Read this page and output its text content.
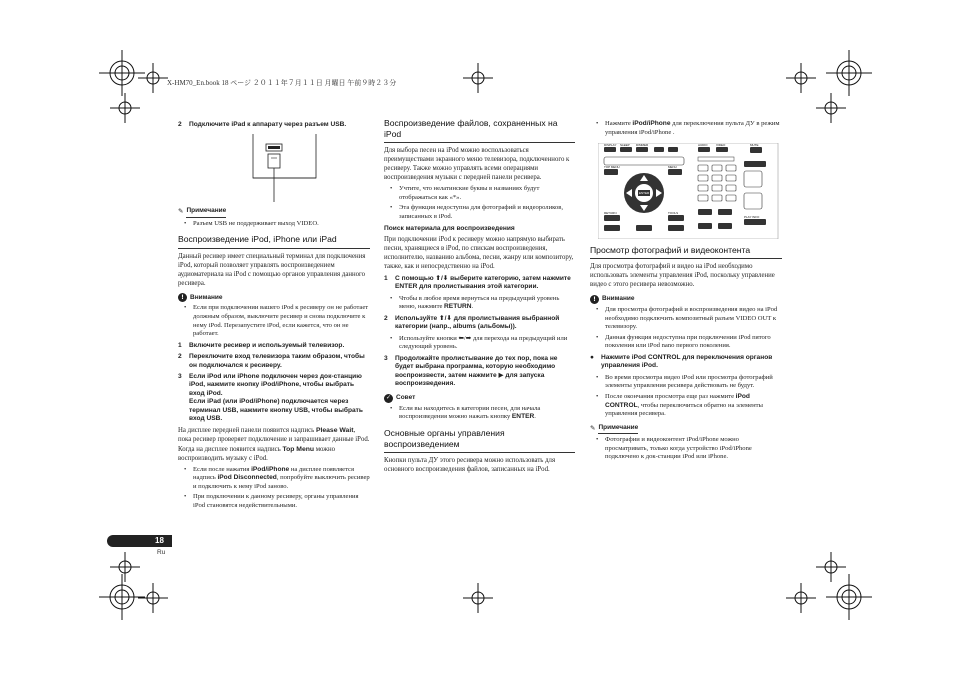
X-HM70_En.book 18 ページ ２０１１年７月１１日 月曜日 午前９時２３分
2	Подключите iPad к аппарату через разъем USB.
✎ Примечание
•	Разъем USB не поддерживает выход VIDEO.
Воспроизведение iPod, iPhone или iPad
Данный ресивер имеет специальный терминал для подключения iPod, который позволяет управлять воспроизведением аудиоматериала на iPod с помощью органов управления данного ресивера.
! Внимание
•	Если при подключении вашего iPod к ресиверу он не работает должным образом, выключите ресивер и снова подключите к нему iPod. Перезапустите iPod, если кажется, что он не работает.
1	Включите ресивер и используемый телевизор.
2	Переключите вход телевизора таким образом, чтобы он подключался к ресиверу.
3	Если iPod или iPhone подключен через док-станцию iPod, нажмите кнопку iPod/iPhone, чтобы выбрать вход iPod.
Если iPad (или iPod/iPhone) подключается через терминал USB, нажмите кнопку USB, чтобы выбрать вход USB.
На дисплее передней панели появится надпись Please Wait, пока ресивер проверяет подключение и запрашивает данные iPod.
Когда на дисплее появится надпись Top Menu можно воспроизводить музыку с iPod.
•	Если после нажатия iPod/iPhone на дисплее появляется надпись iPod Disconnected, попробуйте выключить ресивер и подключить к нему iPod заново.
•	При подключении к данному ресиверу, органы управления iPod становятся недействительными.
Воспроизведение файлов, сохраненных на iPod
Для выбора песен на iPod можно воспользоваться преимуществами экранного меню телевизора, подключенного к ресиверу. Также можно управлять всеми операциями воспроизведения музыки с передней панели ресивера.
•	Учтите, что нелатинские буквы в названиях будут отображаться как «*».
•	Эта функция недоступна для фотографий и видеороликов, записанных в iPod.
Поиск материала для воспроизведения
При подключении iPod к ресиверу можно напрямую выбирать песни, хранящиеся в iPod, по спискам воспроизведения, исполнителю, названию альбома, песни, жанру или композитору, также, как и непосредственно на iPod.
1	С помощью ⬆/⬇ выберите категорию, затем нажмите ENTER для пролистывания этой категории.
•	Чтобы в любое время вернуться на предыдущий уровень меню, нажмите RETURN.
2	Используйте ⬆/⬇ для пролистывания выбранной категории (напр., albums (альбомы)).
•	Используйте кнопки ⬅/➡ для перехода на предыдущий или следующий уровень.
3	Продолжайте пролистывание до тех пор, пока не будет выбрана программа, которую необходимо воспроизвести, затем нажмите ▶ для запуска воспроизведения.
✓ Совет
•	Если вы находитесь в категории песен, для начала воспроизведения можно нажать кнопку ENTER.
Основные органы управления воспроизведением
Кнопки пульта ДУ этого ресивера можно использовать для основного воспроизведения файлов, записанных на iPod.
•	Нажмите iPod/iPhone для переключения пульта ДУ в режим управления iPod/iPhone .
DISPLAY SLEEP DIMMER	AUDIO	VIDEO	MUTE
TOP MENU
ENTER
RETURN	TOOLS
MENU
PLAY INFO
Просмотр фотографий и видеоконтента
Для просмотра фотографий и видео на iPod необходимо использовать элементы управления iPod, поскольку управление видео с этого ресивера невозможно.
! Внимание
•	Для просмотра фотографий и воспроизведения видео на iPod необходимо подключить композитный разъем VIDEO OUT к телевизору.
•	Данная функция недоступна при подключении iPod пятого поколения или iPod nano первого поколения.
●	Нажмите iPod CONTROL для переключения органов управления iPod.
•	Во время просмотра видео iPod или просмотра фотографий элементы управления ресивера действовать не будут.
•	После окончания просмотра еще раз нажмите iPod CONTROL, чтобы переключиться обратно на элементы управления ресивера.
✎ Примечание
•	Фотографии и видеоконтент iPod/iPhone можно просматривать, только когда устройство iPod/iPhone подключено к док-станции iPod или iPhone.
18
Ru
